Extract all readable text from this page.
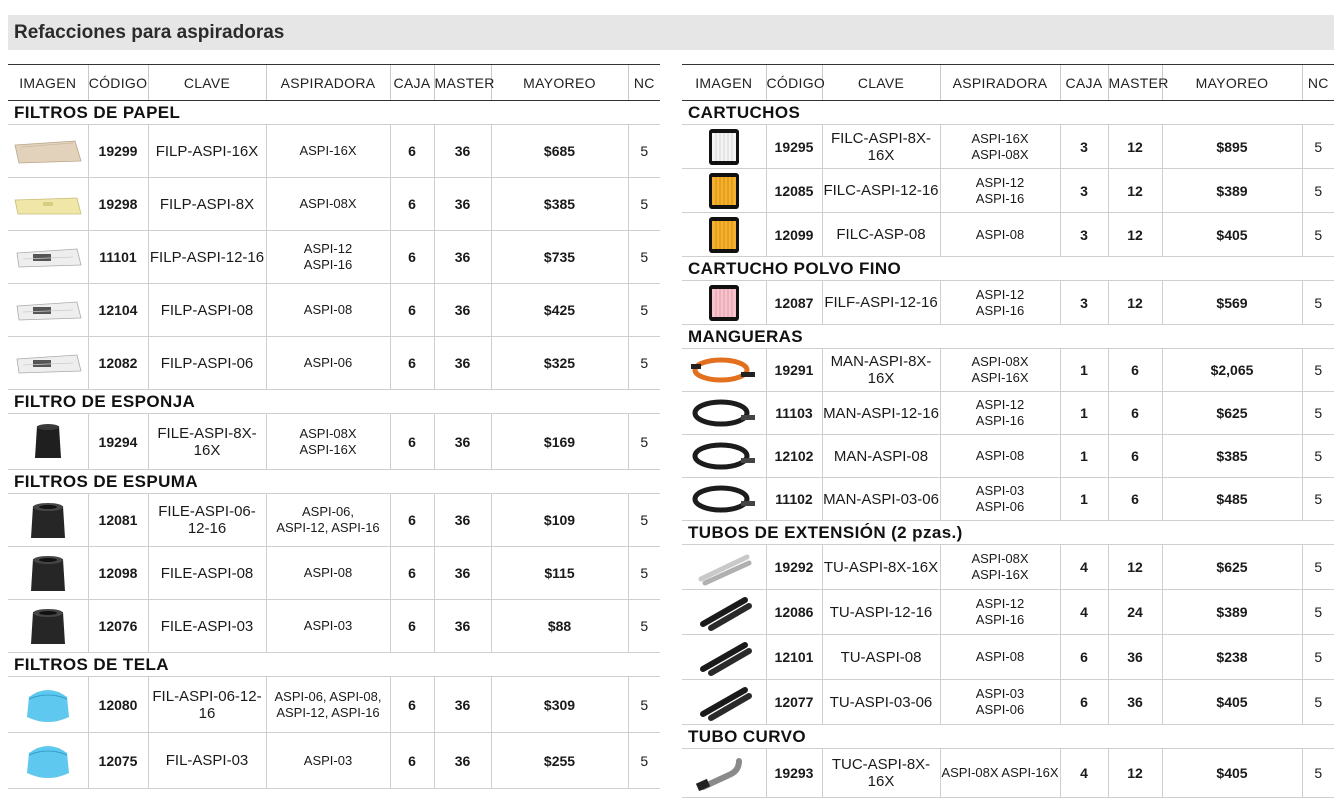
Refacciones para aspiradoras
IMAGEN	CÓDIGO	CLAVE	ASPIRADORA	CAJA	MASTER	MAYOREO	NC
FILTROS DE PAPEL							

	19299	FILP-ASPI-16X	ASPI-16X	6	36	$685	5

	19298	FILP-ASPI-8X	ASPI-08X	6	36	$385	5

	11101	FILP-ASPI-12-16	ASPI-12
ASPI-16	6	36	$735	5

	12104	FILP-ASPI-08	ASPI-08	6	36	$425	5

	12082	FILP-ASPI-06	ASPI-06	6	36	$325	5
FILTRO DE ESPONJA							

	19294	FILE-ASPI-8X-16X	ASPI-08X
ASPI-16X	6	36	$169	5
FILTROS DE ESPUMA							

	12081	FILE-ASPI-06-12-16	ASPI-06,
ASPI-12, ASPI-16	6	36	$109	5

	12098	FILE-ASPI-08	ASPI-08	6	36	$115	5

	12076	FILE-ASPI-03	ASPI-03	6	36	$88	5
FILTROS DE TELA							

	12080	FIL-ASPI-06-12-16	ASPI-06, ASPI-08,
ASPI-12, ASPI-16	6	36	$309	5

	12075	FIL-ASPI-03	ASPI-03	6	36	$255	5
IMAGEN	CÓDIGO	CLAVE	ASPIRADORA	CAJA	MASTER	MAYOREO	NC
CARTUCHOS							

	19295	FILC-ASPI-8X-16X	ASPI-16X
ASPI-08X	3	12	$895	5

	12085	FILC-ASPI-12-16	ASPI-12
ASPI-16	3	12	$389	5

	12099	FILC-ASP-08	ASPI-08	3	12	$405	5
CARTUCHO POLVO FINO							

	12087	FILF-ASPI-12-16	ASPI-12
ASPI-16	3	12	$569	5
MANGUERAS							

	19291	MAN-ASPI-8X-16X	ASPI-08X
ASPI-16X	1	6	$2,065	5

	11103	MAN-ASPI-12-16	ASPI-12
ASPI-16	1	6	$625	5

	12102	MAN-ASPI-08	ASPI-08	1	6	$385	5

	11102	MAN-ASPI-03-06	ASPI-03
ASPI-06	1	6	$485	5
TUBOS DE EXTENSIÓN (2 pzas.)							

	19292	TU-ASPI-8X-16X	ASPI-08X
ASPI-16X	4	12	$625	5

	12086	TU-ASPI-12-16	ASPI-12
ASPI-16	4	24	$389	5

	12101	TU-ASPI-08	ASPI-08	6	36	$238	5

	12077	TU-ASPI-03-06	ASPI-03
ASPI-06	6	36	$405	5
TUBO CURVO							

	19293	TUC-ASPI-8X-16X	ASPI-08X ASPI-16X	4	12	$405	5
